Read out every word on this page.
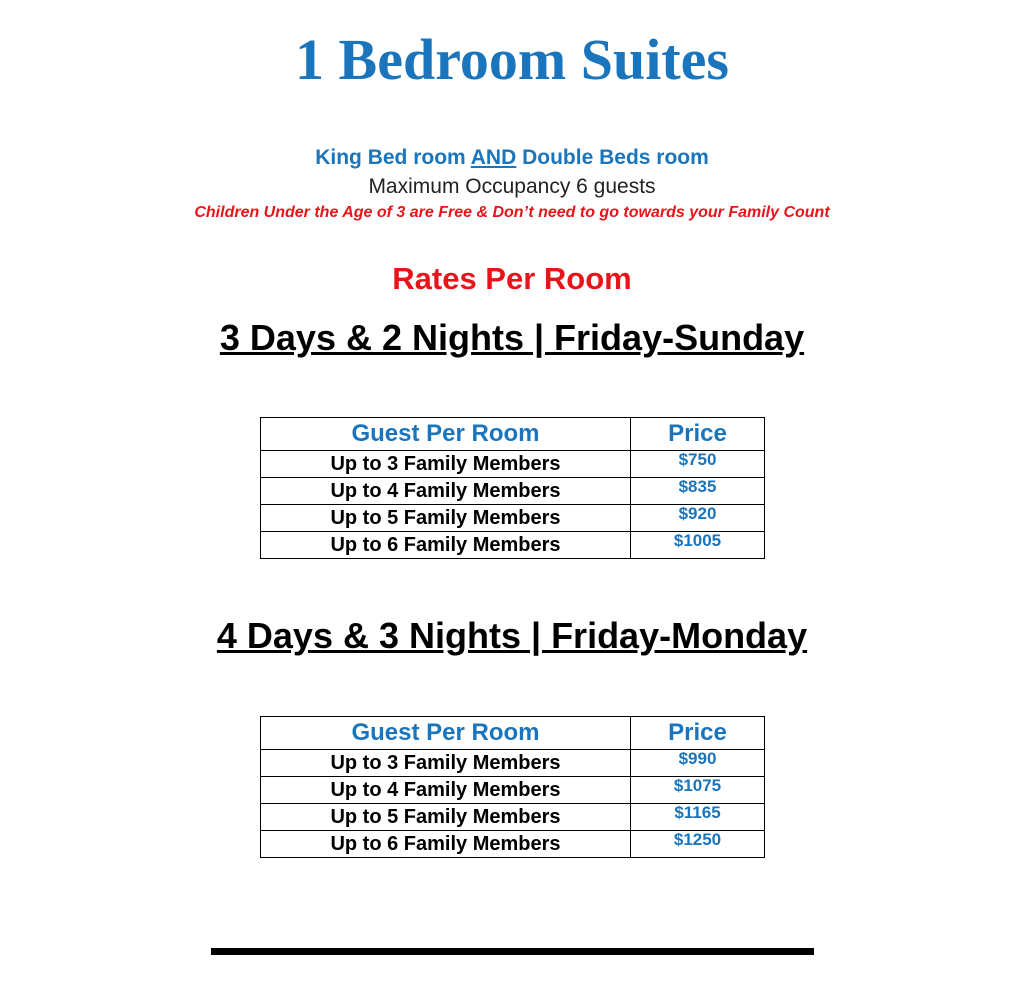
1 Bedroom Suites
King Bed room AND Double Beds room
Maximum Occupancy 6 guests
Children Under the Age of 3 are Free & Don’t need to go towards your Family Count
Rates Per Room
3 Days & 2 Nights | Friday-Sunday
Guest Per Room	Price
Up to 3 Family Members	$750
Up to 4 Family Members	$835
Up to 5 Family Members	$920
Up to 6 Family Members	$1005
4 Days & 3 Nights | Friday-Monday
Guest Per Room	Price
Up to 3 Family Members	$990
Up to 4 Family Members	$1075
Up to 5 Family Members	$1165
Up to 6 Family Members	$1250
